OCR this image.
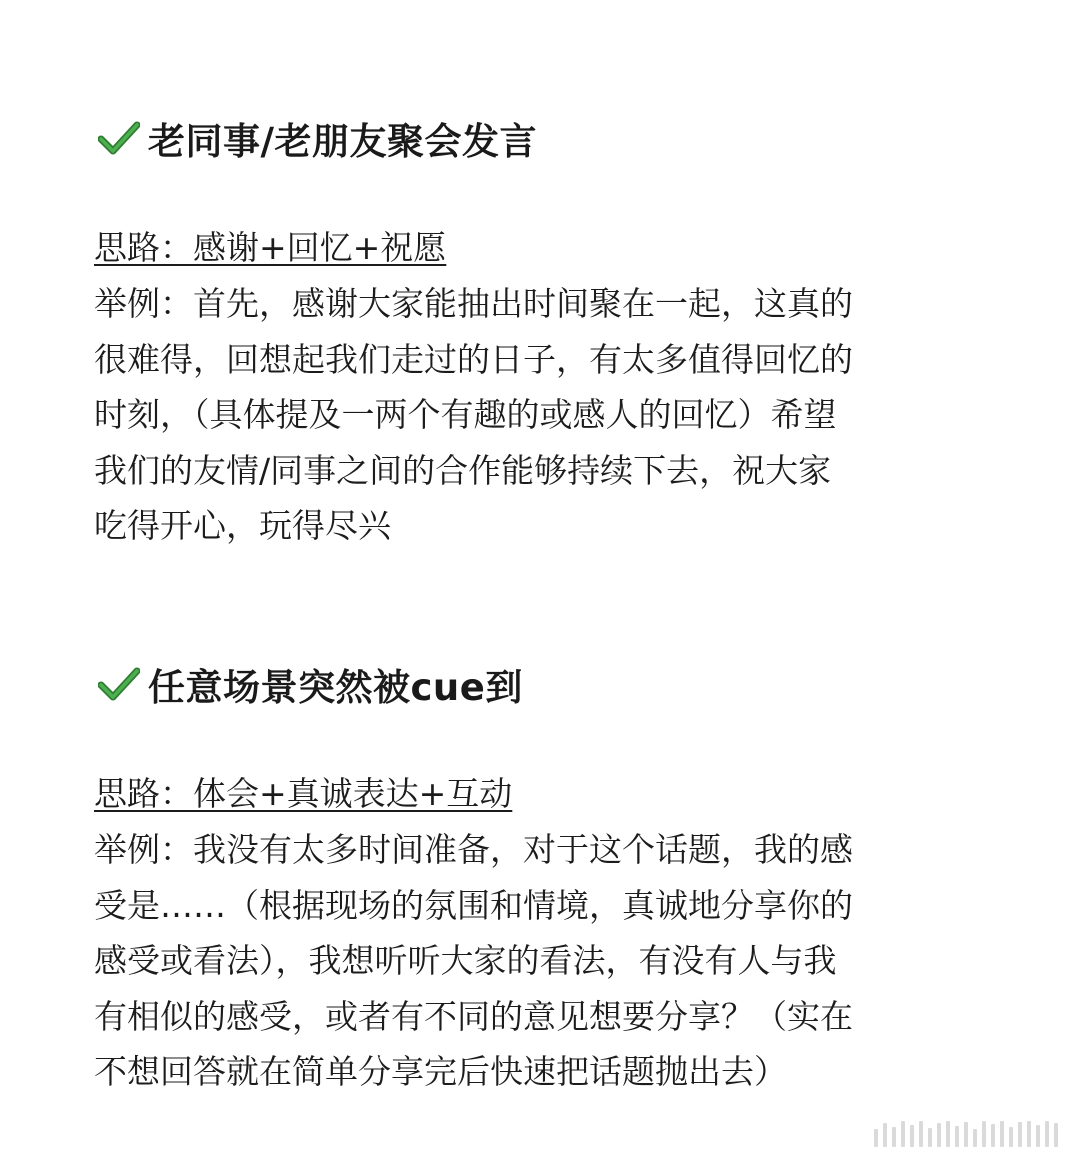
老同事/老朋友聚会发言
思路：感谢+回忆+祝愿
举例：首先，感谢大家能抽出时间聚在一起，这真的
很难得，回想起我们走过的日子，有太多值得回忆的
时刻，（具体提及一两个有趣的或感人的回忆）希望
我们的友情/同事之间的合作能够持续下去，祝大家
吃得开心，玩得尽兴
任意场景突然被cue到
思路：体会+真诚表达+互动
举例：我没有太多时间准备，对于这个话题，我的感
受是……（根据现场的氛围和情境，真诚地分享你的
感受或看法），我想听听大家的看法，有没有人与我
有相似的感受，或者有不同的意见想要分享？（实在
不想回答就在简单分享完后快速把话题抛出去）
